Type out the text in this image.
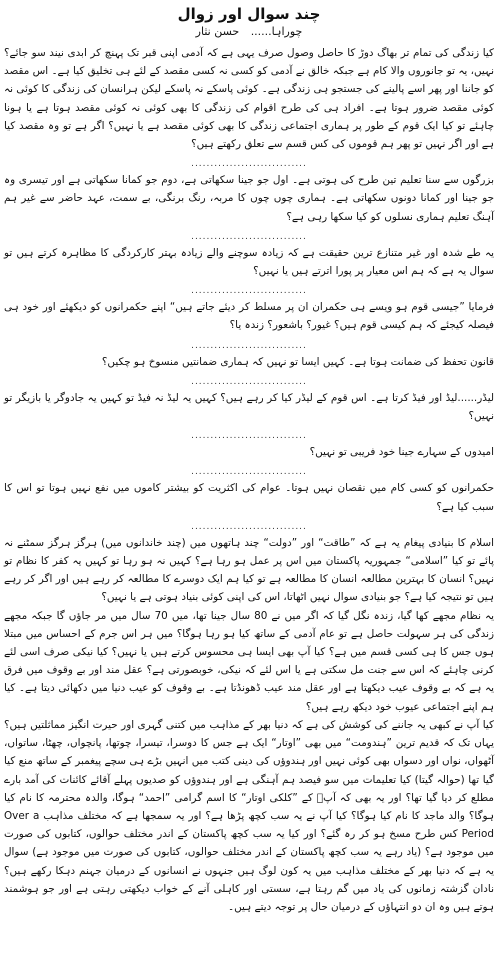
چند سوال اور زوال
چوراہا...... حسن نثار

کیا زندگی کی تمام تر بھاگ دوڑ کا حاصل وصول صرف یہی ہے کہ آدمی اپنی قبر تک پہنچ کر ابدی نیند سو جائے؟ نہیں، یہ تو جانوروں والا کام ہے جبکہ خالق نے آدمی کو کسی نہ کسی مقصد کے لئے ہی تخلیق کیا ہے۔ اس مقصد کو جاننا اور پھر اسے پالینے کی جستجو ہی زندگی ہے۔ کوئی پاسکے نہ پاسکے لیکن ہرانسان کی زندگی کا کوئی نہ کوئی مقصد ضرور ہوتا ہے۔ افراد ہی کی طرح اقوام کی زندگی کا بھی کوئی نہ کوئی مقصد ہوتا ہے یا ہونا چاہئے تو کیا ایک قوم کے طور پر ہماری اجتماعی زندگی کا بھی کوئی مقصد ہے یا نہیں؟ اگر ہے تو وہ مقصد کیا ہے اور اگر نہیں تو پھر ہم قوموں کی کس قسم سے تعلق رکھتے ہیں؟

..............................

بزرگوں سے سنا تعلیم تین طرح کی ہوتی ہے۔ اول جو جینا سکھاتی ہے، دوم جو کمانا سکھاتی ہے اور تیسری وہ جو جینا اور کمانا دونوں سکھاتی ہے۔ ہماری چوں چوں کا مربہ، رنگ برنگی، بے سمت، عہد حاضر سے غیر ہم آہنگ تعلیم ہماری نسلوں کو کیا سکھا رہی ہے؟

..............................

یہ طے شدہ اور غیر متنازع ترین حقیقت ہے کہ زیادہ سوچنے والے زیادہ بہتر کارکردگی کا مظاہرہ کرتے ہیں تو سوال یہ ہے کہ ہم اس معیار پر پورا اترتے ہیں یا نہیں؟

..............................

فرمایا ”جیسی قوم ہو ویسے ہی حکمران ان پر مسلط کر دیئے جاتے ہیں“ اپنے حکمرانوں کو دیکھئے اور خود ہی فیصلہ کیجئے کہ ہم کیسی قوم ہیں؟ غیور؟ باشعور؟ زندہ یا؟

..............................

قانون تحفظ کی ضمانت ہوتا ہے۔ کہیں ایسا تو نہیں کہ ہماری ضمانتیں منسوخ ہو چکیں؟

..............................

لیڈر......لیڈ اور فیڈ کرتا ہے۔ اس قوم کے لیڈر کیا کر رہے ہیں؟ کہیں یہ لیڈ نہ فیڈ تو کہیں یہ جادوگر یا بازیگر تو نہیں؟

..............................

امیدوں کے سہارے جینا خود فریبی تو نہیں؟

..............................

حکمرانوں کو کسی کام میں نقصان نہیں ہوتا۔ عوام کی اکثریت کو بیشتر کاموں میں نفع نہیں ہوتا تو اس کا سبب کیا ہے؟

..............................

اسلام کا بنیادی پیغام یہ ہے کہ ”طاقت“ اور ”دولت“ چند ہاتھوں میں (چند خاندانوں میں) ہرگز ہرگز سمٹنے نہ پائے تو کیا ”اسلامی“ جمہوریہ پاکستان میں اس پر عمل ہو رہا ہے؟ کہیں نہ ہو رہا تو کہیں یہ کفر کا نظام تو نہیں؟ انسان کا بہترین مطالعہ انسان کا مطالعہ ہے تو کیا ہم ایک دوسرے کا مطالعہ کر رہے ہیں اور اگر کر رہے ہیں تو نتیجہ کیا ہے؟ جو بنیادی سوال نہیں اٹھاتا، اس کی اپنی کوئی بنیاد ہوتی ہے یا نہیں؟

یہ نظام مجھے کھا گیا، زندہ نگل گیا کہ اگر میں نے 80 سال جینا تھا، میں 70 سال میں مر جاؤں گا جبکہ مجھے زندگی کی ہر سہولت حاصل ہے تو عام آدمی کے ساتھ کیا ہو رہا ہوگا؟ میں ہر اس جرم کے احساس میں مبتلا ہوں جس کا ہی کسی قسم میں ہے؟ کیا آپ بھی ایسا ہی محسوس کرتے ہیں یا نہیں؟ کیا نیکی صرف اسی لئے کرنی چاہئے کہ اس سے جنت مل سکتی ہے یا اس لئے کہ نیکی، خوبصورتی ہے؟ عقل مند اور بے وقوف میں فرق یہ ہے کہ بے وقوف عیب دیکھتا ہے اور عقل مند عیب ڈھونڈتا ہے۔ بے وقوف کو عیب دنیا میں دکھائی دیتا ہے۔ کیا ہم اپنے اجتماعی عیوب خود دیکھ رہے ہیں؟

کیا آپ نے کبھی یہ جاننے کی کوشش کی ہے کہ دنیا بھر کے مذاہب میں کتنی گہری اور حیرت انگیز مماثلتیں ہیں؟ یہاں تک کہ قدیم ترین ”ہندومت“ میں بھی ”اوتار“ ایک ہے جس کا دوسرا، تیسرا، چوتھا، پانچواں، چھٹا، ساتواں، آٹھواں، نواں اور دسواں بھی کوئی نہیں اور ہندوؤں کی دینی کتب میں انہیں بڑے ہی سچے پیغمبر کے ساتھ منع کیا گیا تھا (حوالہ گیتا) کیا تعلیمات میں سو فیصد ہم آہنگی ہے اور ہندوؤں کو صدیوں پہلے آقائے کائنات کی آمد بارے مطلع کر دیا گیا تھا؟ اور یہ بھی کہ آپؐ کے ”کلکی اوتار“ کا اسم گرامی ”احمد“ ہوگا، والدہ محترمہ کا نام کیا ہوگا؟ والد ماجد کا نام کیا ہوگا؟ کیا آپ نے یہ سب کچھ پڑھا ہے؟ اور یہ سمجھا ہے کہ مختلف مذاہب Over a Period کس طرح مسخ ہو کر رہ گئے؟ اور کیا یہ سب کچھ پاکستان کے اندر مختلف حوالوں، کتابوں کی صورت میں موجود ہے؟ (یاد رہے یہ سب کچھ پاکستان کے اندر مختلف حوالوں، کتابوں کی صورت میں موجود ہے) سوال یہ ہے کہ دنیا بھر کے مختلف مذاہب میں یہ کون لوگ ہیں جنہوں نے انسانوں کے درمیان جہنم دہکا رکھے ہیں؟ نادان گزشتہ زمانوں کی یاد میں گم رہتا ہے، سستی اور کاہلی آنے کے خواب دیکھتی رہتی ہے اور جو ہوشمند ہوتے ہیں وہ ان دو انتہاؤں کے درمیان حال پر توجہ دیتے ہیں۔
